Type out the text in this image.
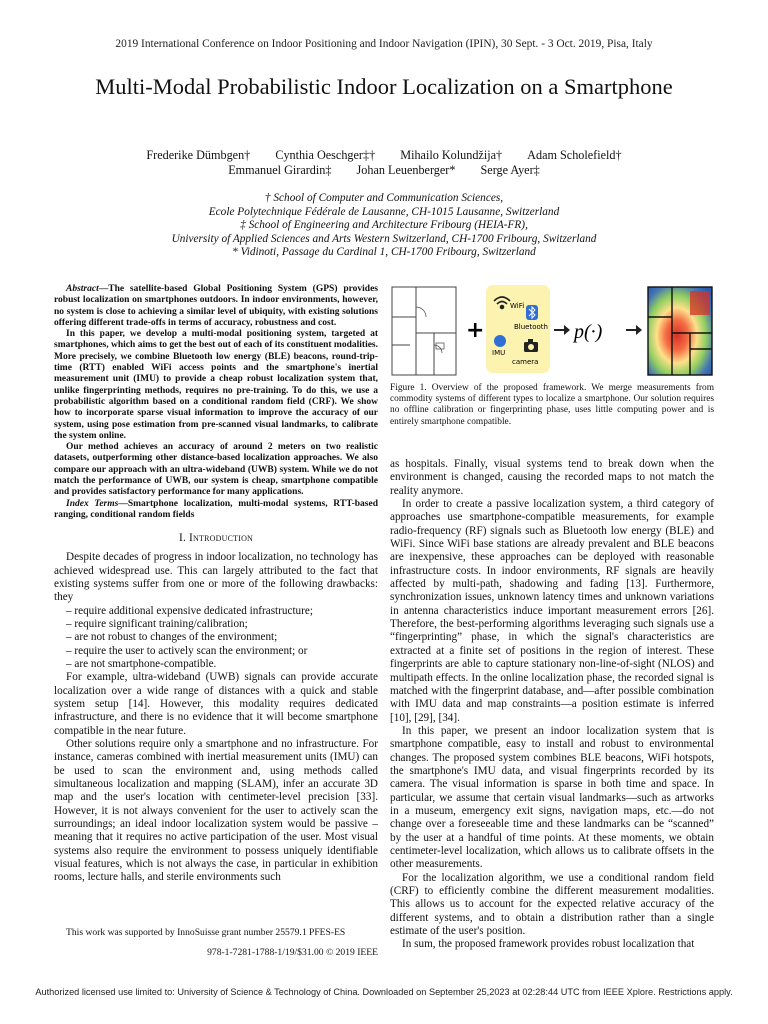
2019 International Conference on Indoor Positioning and Indoor Navigation (IPIN), 30 Sept. - 3 Oct. 2019, Pisa, Italy
Multi-Modal Probabilistic Indoor Localization on a Smartphone
Frederike Dümbgen† Cynthia Oeschger‡† Mihailo Kolundžija† Adam Scholefield†
Emmanuel Girardin‡ Johan Leuenberger* Serge Ayer‡
† School of Computer and Communication Sciences,
Ecole Polytechnique Fédérale de Lausanne, CH-1015 Lausanne, Switzerland
‡ School of Engineering and Architecture Fribourg (HEIA-FR),
University of Applied Sciences and Arts Western Switzerland, CH-1700 Fribourg, Switzerland
* Vidinoti, Passage du Cardinal 1, CH-1700 Fribourg, Switzerland

Abstract—The satellite-based Global Positioning System (GPS) provides robust localization on smartphones outdoors. In indoor environments, however, no system is close to achieving a similar level of ubiquity, with existing solutions offering different trade-offs in terms of accuracy, robustness and cost.

In this paper, we develop a multi-modal positioning system, targeted at smartphones, which aims to get the best out of each of its constituent modalities. More precisely, we combine Bluetooth low energy (BLE) beacons, round-trip-time (RTT) enabled WiFi access points and the smartphone's inertial measurement unit (IMU) to provide a cheap robust localization system that, unlike fingerprinting methods, requires no pre-training. To do this, we use a probabilistic algorithm based on a conditional random field (CRF). We show how to incorporate sparse visual information to improve the accuracy of our system, using pose estimation from pre-scanned visual landmarks, to calibrate the system online.

Our method achieves an accuracy of around 2 meters on two realistic datasets, outperforming other distance-based localization approaches. We also compare our approach with an ultra-wideband (UWB) system. While we do not match the performance of UWB, our system is cheap, smartphone compatible and provides satisfactory performance for many applications.

Index Terms—Smartphone localization, multi-modal systems, RTT-based ranging, conditional random fields

I. Introduction

Despite decades of progress in indoor localization, no technology has achieved widespread use. This can largely attributed to the fact that existing systems suffer from one or more of the following drawbacks: they

– require additional expensive dedicated infrastructure;
– require significant training/calibration;
– are not robust to changes of the environment;
– require the user to actively scan the environment; or
– are not smartphone-compatible.

For example, ultra-wideband (UWB) signals can provide accurate localization over a wide range of distances with a quick and stable system setup [14]. However, this modality requires dedicated infrastructure, and there is no evidence that it will become smartphone compatible in the near future.

Other solutions require only a smartphone and no infrastructure. For instance, cameras combined with inertial measurement units (IMU) can be used to scan the environment and, using methods called simultaneous localization and mapping (SLAM), infer an accurate 3D map and the user's location with centimeter-level precision [33]. However, it is not always convenient for the user to actively scan the surroundings; an ideal indoor localization system would be passive – meaning that it requires no active participation of the user. Most visual systems also require the environment to possess uniquely identifiable visual features, which is not always the case, in particular in exhibition rooms, lecture halls, and sterile environments such

This work was supported by InnoSuisse grant number 25579.1 PFES-ES

978-1-7281-1788-1/19/$31.00 © 2019 IEEE

+
WiFi
Bluetooth
IMU
camera
p(·)

Figure 1. Overview of the proposed framework. We merge measurements from commodity systems of different types to localize a smartphone. Our solution requires no offline calibration or fingerprinting phase, uses little computing power and is entirely smartphone compatible.

as hospitals. Finally, visual systems tend to break down when the environment is changed, causing the recorded maps to not match the reality anymore.

In order to create a passive localization system, a third category of approaches use smartphone-compatible measurements, for example radio-frequency (RF) signals such as Bluetooth low energy (BLE) and WiFi. Since WiFi base stations are already prevalent and BLE beacons are inexpensive, these approaches can be deployed with reasonable infrastructure costs. In indoor environments, RF signals are heavily affected by multi-path, shadowing and fading [13]. Furthermore, synchronization issues, unknown latency times and unknown variations in antenna characteristics induce important measurement errors [26]. Therefore, the best-performing algorithms leveraging such signals use a “fingerprinting” phase, in which the signal's characteristics are extracted at a finite set of positions in the region of interest. These fingerprints are able to capture stationary non-line-of-sight (NLOS) and multipath effects. In the online localization phase, the recorded signal is matched with the fingerprint database, and—after possible combination with IMU data and map constraints—a position estimate is inferred [10], [29], [34].

In this paper, we present an indoor localization system that is smartphone compatible, easy to install and robust to environmental changes. The proposed system combines BLE beacons, WiFi hotspots, the smartphone's IMU data, and visual fingerprints recorded by its camera. The visual information is sparse in both time and space. In particular, we assume that certain visual landmarks—such as artworks in a museum, emergency exit signs, navigation maps, etc.—do not change over a foreseeable time and these landmarks can be “scanned” by the user at a handful of time points. At these moments, we obtain centimeter-level localization, which allows us to calibrate offsets in the other measurements.

For the localization algorithm, we use a conditional random field (CRF) to efficiently combine the different measurement modalities. This allows us to account for the expected relative accuracy of the different systems, and to obtain a distribution rather than a single estimate of the user's position.

In sum, the proposed framework provides robust localization that

Authorized licensed use limited to: University of Science & Technology of China. Downloaded on September 25,2023 at 02:28:44 UTC from IEEE Xplore. Restrictions apply.
